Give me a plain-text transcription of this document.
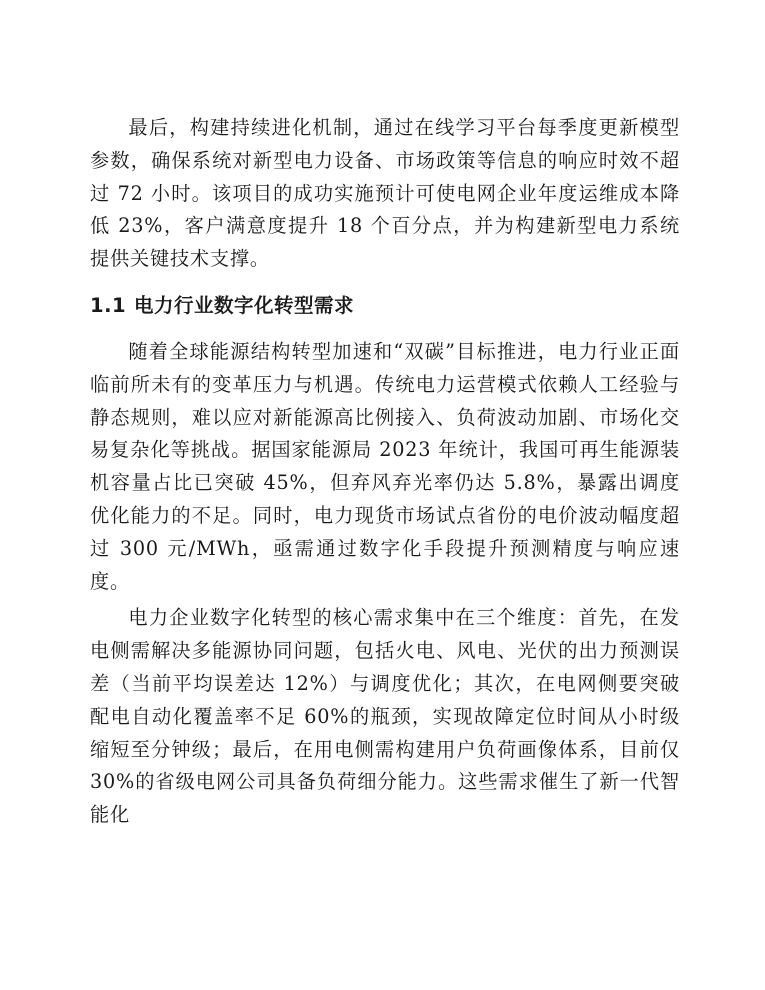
最后，构建持续进化机制，通过在线学习平台每季度更新模型参数，确保系统对新型电力设备、市场政策等信息的响应时效不超过 72 小时。该项目的成功实施预计可使电网企业年度运维成本降低 23%，客户满意度提升 18 个百分点，并为构建新型电力系统提供关键技术支撑。

1.1 电力行业数字化转型需求

随着全球能源结构转型加速和“双碳”目标推进，电力行业正面临前所未有的变革压力与机遇。传统电力运营模式依赖人工经验与静态规则，难以应对新能源高比例接入、负荷波动加剧、市场化交易复杂化等挑战。据国家能源局 2023 年统计，我国可再生能源装机容量占比已突破 45%，但弃风弃光率仍达 5.8%，暴露出调度优化能力的不足。同时，电力现货市场试点省份的电价波动幅度超过 300 元/MWh，亟需通过数字化手段提升预测精度与响应速度。

电力企业数字化转型的核心需求集中在三个维度：首先，在发电侧需解决多能源协同问题，包括火电、风电、光伏的出力预测误差（当前平均误差达 12%）与调度优化；其次，在电网侧要突破配电自动化覆盖率不足 60%的瓶颈，实现故障定位时间从小时级缩短至分钟级；最后，在用电侧需构建用户负荷画像体系，目前仅 30%的省级电网公司具备负荷细分能力。这些需求催生了新一代智能化
